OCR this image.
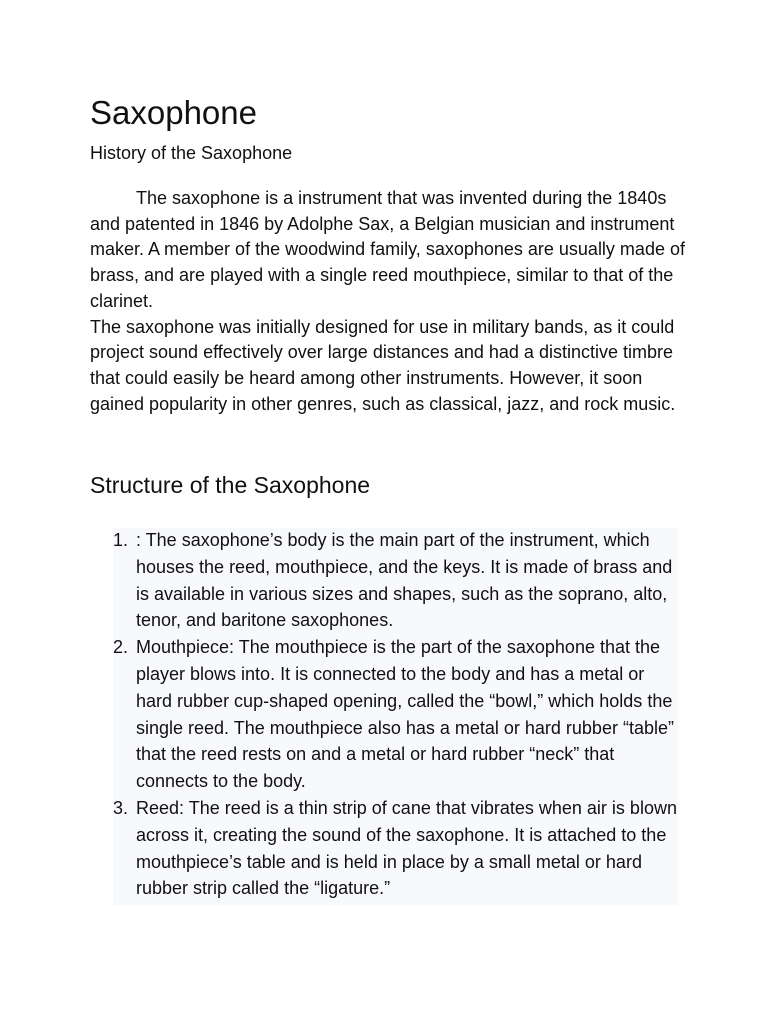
Saxophone
History of the Saxophone

The saxophone is a instrument that was invented during the 1840s and patented in 1846 by Adolphe Sax, a Belgian musician and instrument maker. A member of the woodwind family, saxophones are usually made of brass, and are played with a single reed mouthpiece, similar to that of the clarinet.

The saxophone was initially designed for use in military bands, as it could project sound effectively over large distances and had a distinctive timbre that could easily be heard among other instruments. However, it soon gained popularity in other genres, such as classical, jazz, and rock music.

Structure of the Saxophone
1. : The saxophone’s body is the main part of the instrument, which houses the reed, mouthpiece, and the keys. It is made of brass and is available in various sizes and shapes, such as the soprano, alto, tenor, and baritone saxophones.
2. Mouthpiece: The mouthpiece is the part of the saxophone that the player blows into. It is connected to the body and has a metal or hard rubber cup-shaped opening, called the “bowl,” which holds the single reed. The mouthpiece also has a metal or hard rubber “table” that the reed rests on and a metal or hard rubber “neck” that connects to the body.
3. Reed: The reed is a thin strip of cane that vibrates when air is blown across it, creating the sound of the saxophone. It is attached to the mouthpiece’s table and is held in place by a small metal or hard rubber strip called the “ligature.”
